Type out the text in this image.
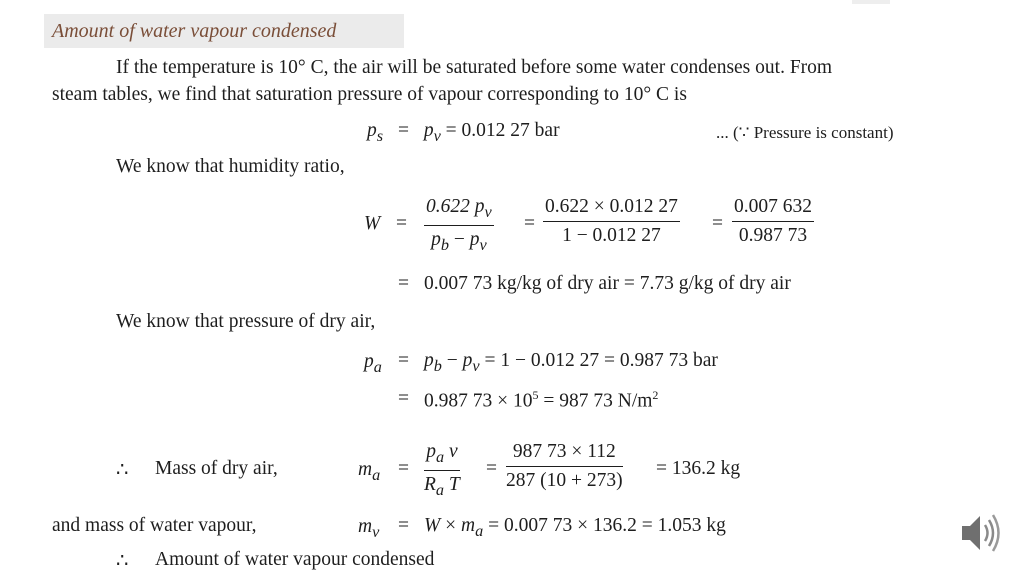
Amount of water vapour condensed
If the temperature is 10° C, the air will be saturated before some water condenses out. From
steam tables, we find that saturation pressure of vapour corresponding to 10° C is
$p_s = p_v = 0.012$ 27 bar	... (∵ Pressure is constant)
We know that humidity ratio,
$W = \frac{0.622 p_v}{p_b - p_v} = \frac{0.622 \times 0.012 27}{1 - 0.012 27} = \frac{0.007 632}{0.987 73}$
= 0.007 73 kg/kg of dry air = 7.73 g/kg of dry air
We know that pressure of dry air,
$p_a = p_b - p_v = 1 - 0.012$ 27 = 0.987 73 bar
= 0.987 $73 \times 10^5 = 987$ 73 $N/m^2$
∴ Mass of dry air,	$m_a = \frac{p_a v}{R_a T} = \frac{987 73 \times 112}{287 (10 + 273)} = 136.2$ kg
and mass of water vapour,	$m_v = W \times m_a = 0.007$ 73 × 136.2 = 1.053 kg
∴ Amount of water vapour condensed
